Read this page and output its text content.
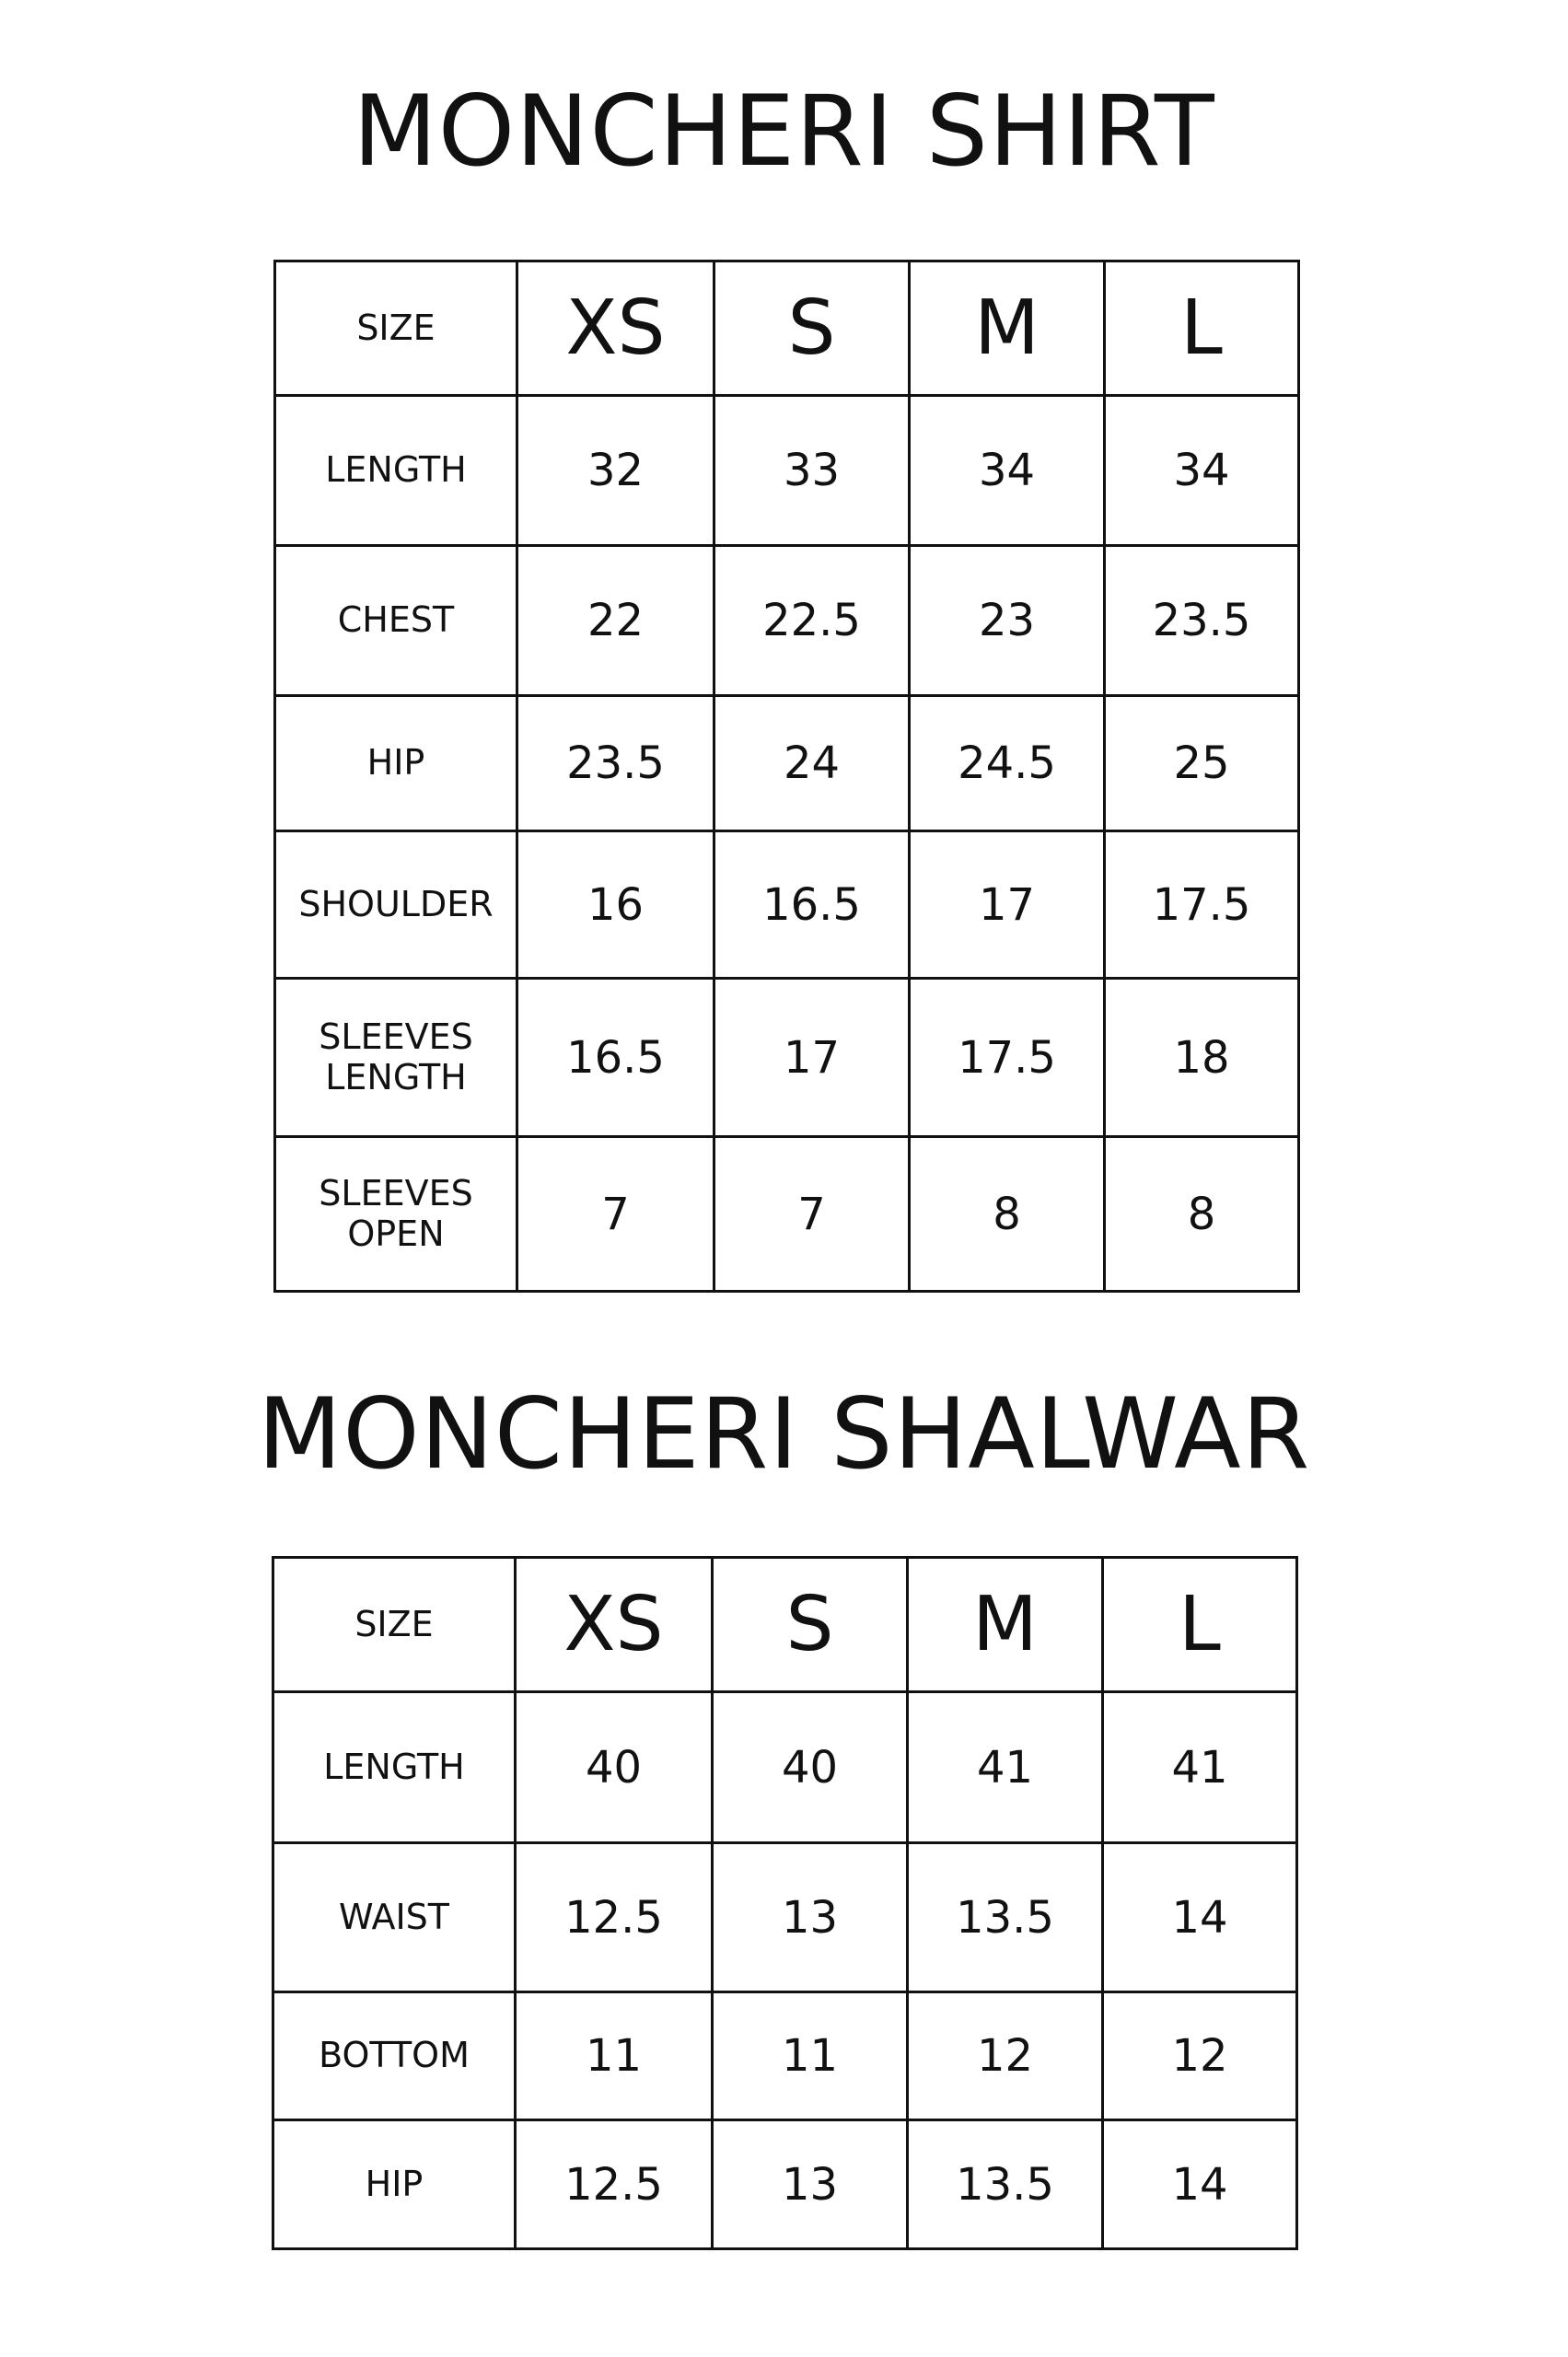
MONCHERI SHIRT
SIZE	XS	S	M	L
LENGTH	32	33	34	34
CHEST	22	22.5	23	23.5
HIP	23.5	24	24.5	25
SHOULDER	16	16.5	17	17.5
SLEEVES LENGTH	16.5	17	17.5	18
SLEEVES OPEN	7	7	8	8
MONCHERI SHALWAR
SIZE	XS	S	M	L
LENGTH	40	40	41	41
WAIST	12.5	13	13.5	14
BOTTOM	11	11	12	12
HIP	12.5	13	13.5	14
